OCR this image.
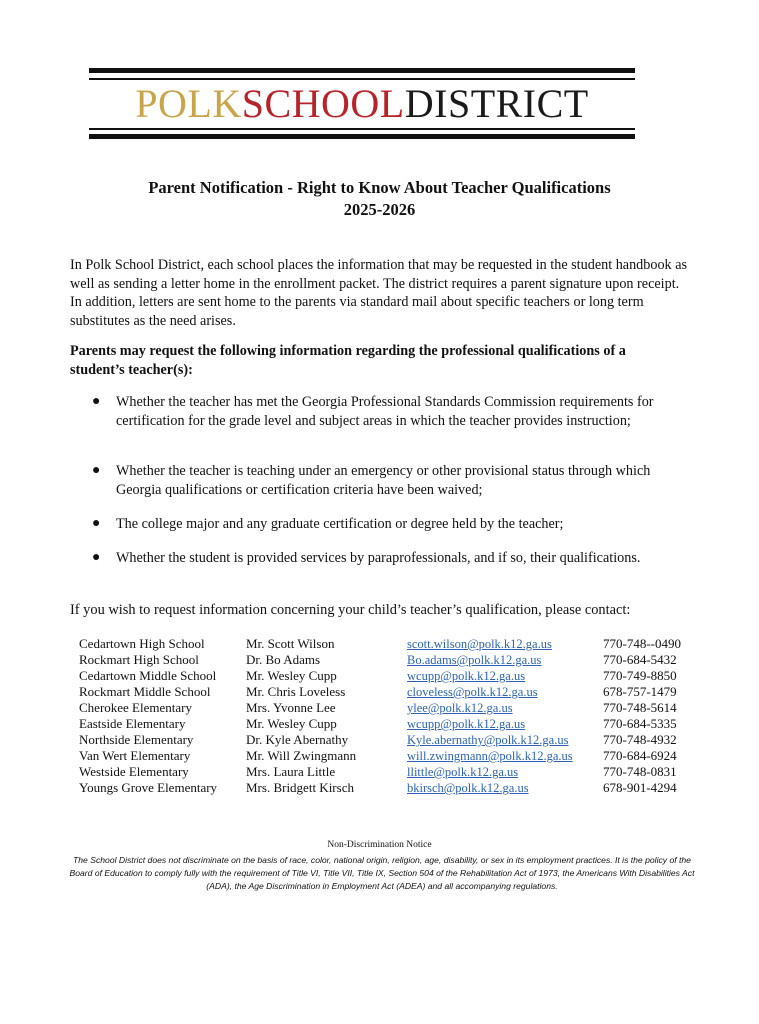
POLKSCHOOLDISTRICT
Parent Notification - Right to Know About Teacher Qualifications
2025-2026
In Polk School District, each school places the information that may be requested in the student handbook as well as sending a letter home in the enrollment packet. The district requires a parent signature upon receipt. In addition, letters are sent home to the parents via standard mail about specific teachers or long term substitutes as the need arises.
Parents may request the following information regarding the professional qualifications of a student’s teacher(s):
● Whether the teacher has met the Georgia Professional Standards Commission requirements for certification for the grade level and subject areas in which the teacher provides instruction;
● Whether the teacher is teaching under an emergency or other provisional status through which Georgia qualifications or certification criteria have been waived;
● The college major and any graduate certification or degree held by the teacher;
● Whether the student is provided services by paraprofessionals, and if so, their qualifications.
If you wish to request information concerning your child’s teacher’s qualification, please contact:
Cedartown High School	Mr. Scott Wilson	scott.wilson@polk.k12.ga.us	770-748--0490
Rockmart High School	Dr. Bo Adams	Bo.adams@polk.k12.ga.us	770-684-5432
Cedartown Middle School Mr. Wesley Cupp	wcupp@polk.k12.ga.us	770-749-8850
Rockmart Middle School	Mr. Chris Loveless	cloveless@polk.k12.ga.us	678-757-1479
Cherokee Elementary	Mrs. Yvonne Lee	ylee@polk.k12.ga.us	770-748-5614
Eastside Elementary	Mr. Wesley Cupp	wcupp@polk.k12.ga.us	770-684-5335
Northside Elementary	Dr. Kyle Abernathy	Kyle.abernathy@polk.k12.ga.us	770-748-4932
Van Wert Elementary	Mr. Will Zwingmann	will.zwingmann@polk.k12.ga.us 770-684-6924
Westside Elementary	Mrs. Laura Little	llittle@polk.k12.ga.us	770-748-0831
Youngs Grove Elementary Mrs. Bridgett Kirsch	bkirsch@polk.k12.ga.us	678-901-4294
Non-Discrimination Notice
The School District does not discriminate on the basis of race, color, national origin, religion, age, disability, or sex in its employment practices. It is the policy of the Board of Education to comply fully with the requirement of Title VI, Title VII, Title IX, Section 504 of the Rehabilitation Act of 1973, the Americans With Disabilities Act (ADA), the Age Discrimination in Employment Act (ADEA) and all accompanying regulations.
